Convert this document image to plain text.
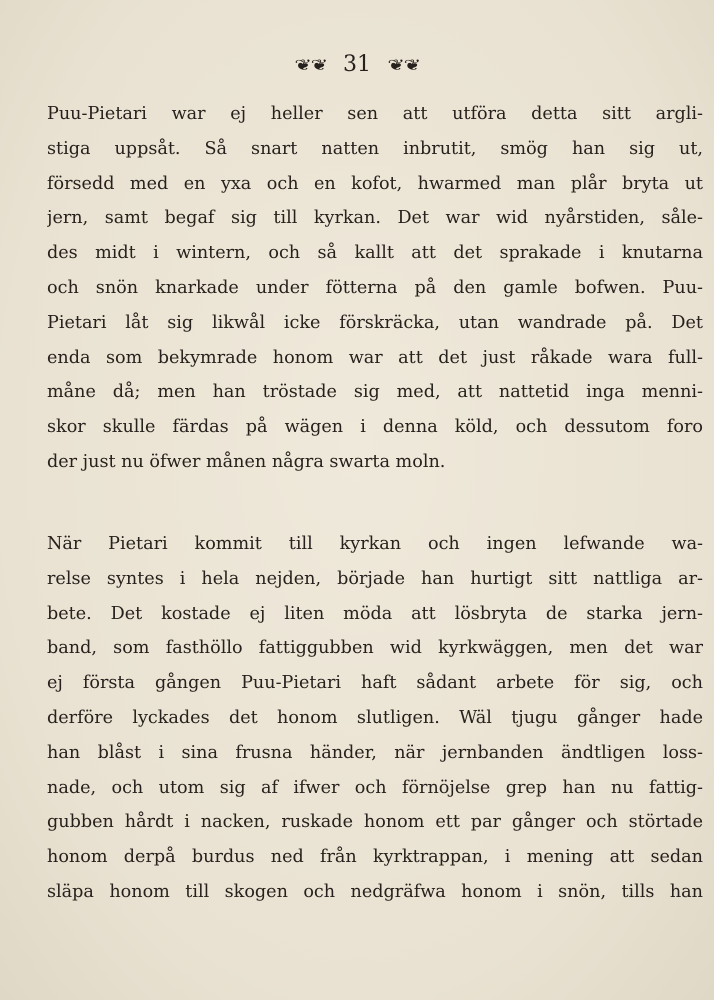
❦❦ 31 ❦❦
Puu-Pietari war ej heller sen att utföra detta sitt argli-
stiga uppsåt. Så snart natten inbrutit, smög han sig ut,
försedd med en yxa och en kofot, hwarmed man plår bryta ut
jern, samt begaf sig till kyrkan. Det war wid nyårstiden, såle-
des midt i wintern, och så kallt att det sprakade i knutarna
och snön knarkade under fötterna på den gamle bofwen. Puu-
Pietari låt sig likwål icke förskräcka, utan wandrade på. Det
enda som bekymrade honom war att det just råkade wara full-
måne då; men han tröstade sig med, att nattetid inga menni-
skor skulle färdas på wägen i denna köld, och dessutom foro
der just nu öfwer månen några swarta moln.
När Pietari kommit till kyrkan och ingen lefwande wa-
relse syntes i hela nejden, började han hurtigt sitt nattliga ar-
bete. Det kostade ej liten möda att lösbryta de starka jern-
band, som fasthöllo fattiggubben wid kyrkwäggen, men det war
ej första gången Puu-Pietari haft sådant arbete för sig, och
derföre lyckades det honom slutligen. Wäl tjugu gånger hade
han blåst i sina frusna händer, när jernbanden ändtligen loss-
nade, och utom sig af ifwer och förnöjelse grep han nu fattig-
gubben hårdt i nacken, ruskade honom ett par gånger och störtade
honom derpå burdus ned från kyrktrappan, i mening att sedan
släpa honom till skogen och nedgräfwa honom i snön, tills han
